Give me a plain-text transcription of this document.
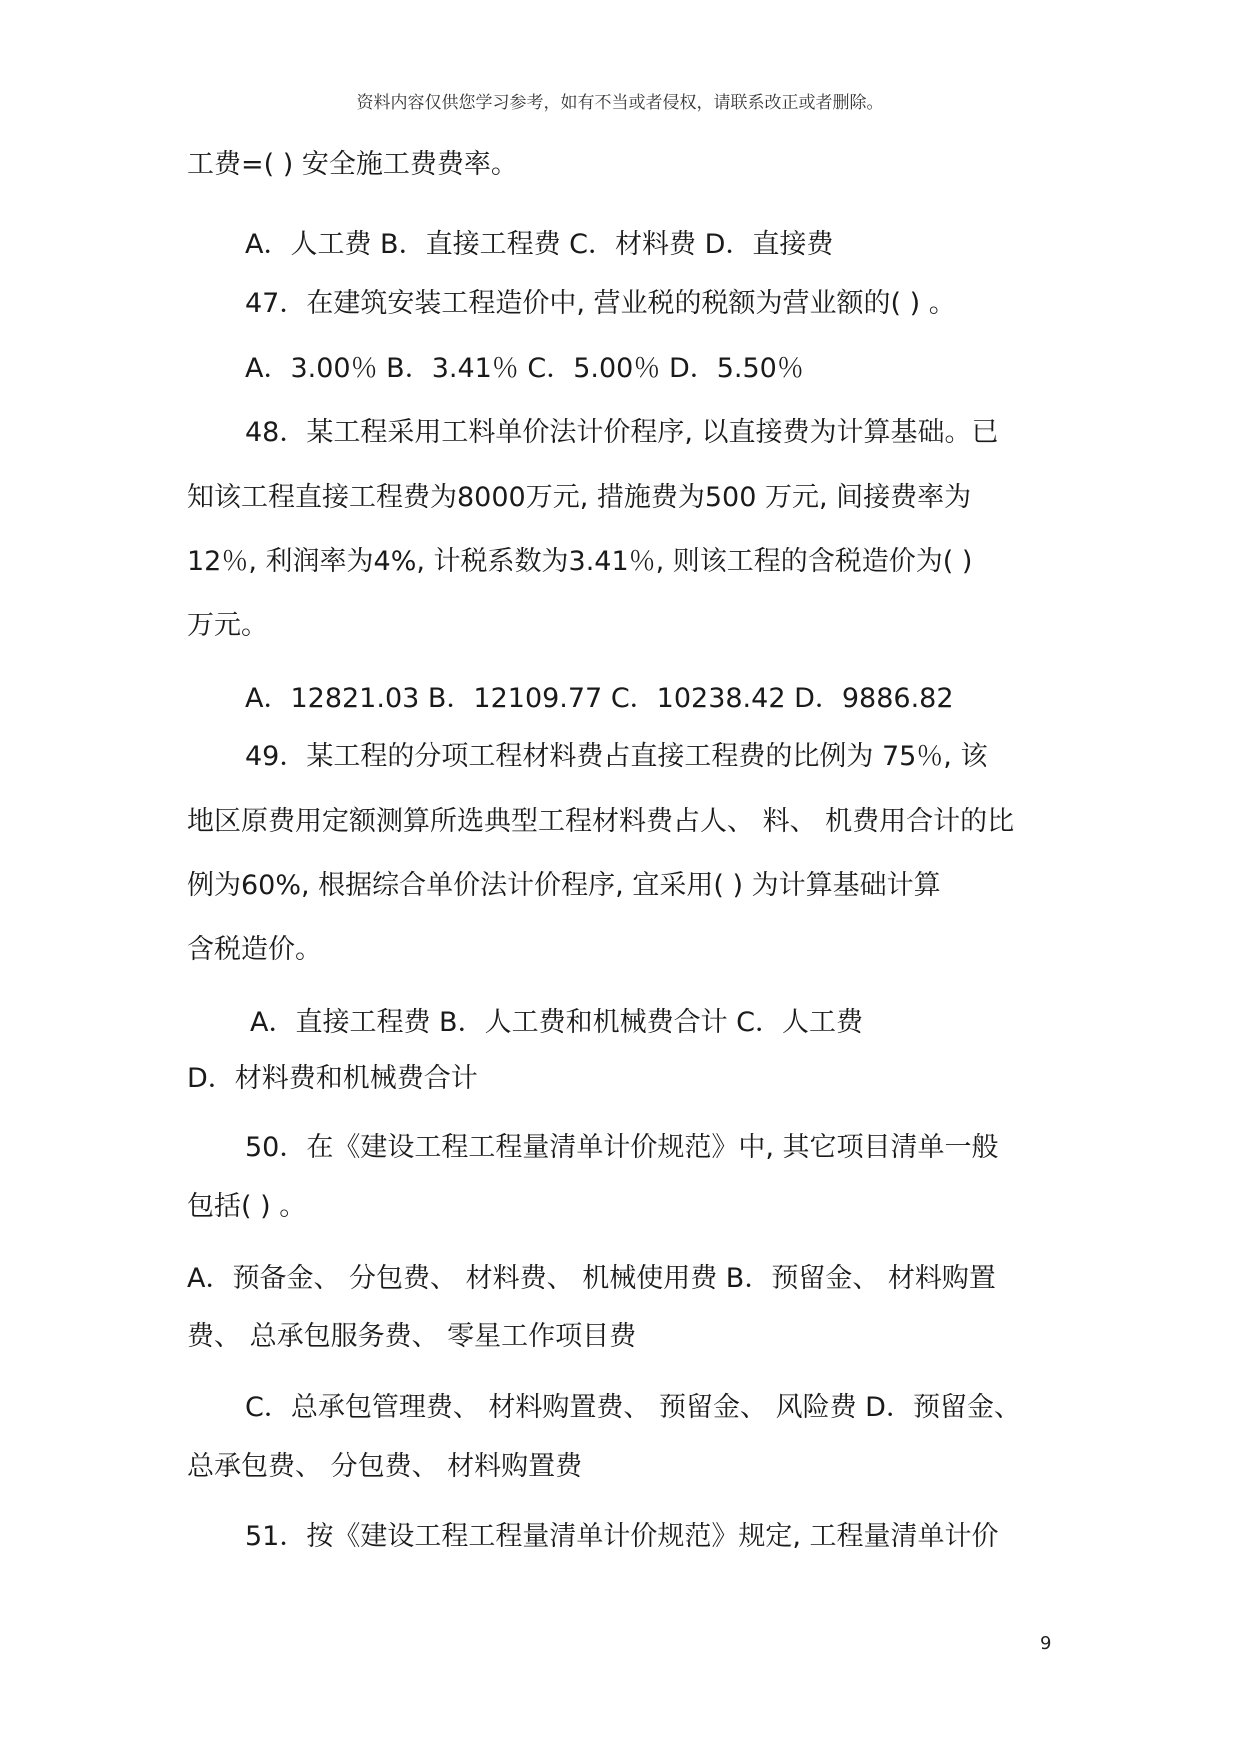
资料内容仅供您学习参考，如有不当或者侵权，请联系改正或者删除。
工费=( ) 安全施工费费率。
A．人工费 B．直接工程费 C．材料费 D．直接费
47．在建筑安装工程造价中, 营业税的税额为营业额的( ) 。
A．3.00％ B．3.41％ C．5.00％ D．5.50％
48．某工程采用工料单价法计价程序, 以直接费为计算基础。已
知该工程直接工程费为8000万元, 措施费为500 万元, 间接费率为
12％, 利润率为4%, 计税系数为3.41％, 则该工程的含税造价为( )
万元。
A．12821.03 B．12109.77 C．10238.42 D．9886.82
49．某工程的分项工程材料费占直接工程费的比例为 75％, 该
地区原费用定额测算所选典型工程材料费占人、 料、 机费用合计的比
例为60%, 根据综合单价法计价程序, 宜采用( ) 为计算基础计算
含税造价。
A．直接工程费 B．人工费和机械费合计 C．人工费
D．材料费和机械费合计
50．在《建设工程工程量清单计价规范》中, 其它项目清单一般
包括( ) 。
A．预备金、 分包费、 材料费、 机械使用费 B．预留金、 材料购置
费、 总承包服务费、 零星工作项目费
C．总承包管理费、 材料购置费、 预留金、 风险费 D．预留金、
总承包费、 分包费、 材料购置费
51．按《建设工程工程量清单计价规范》规定, 工程量清单计价
9
